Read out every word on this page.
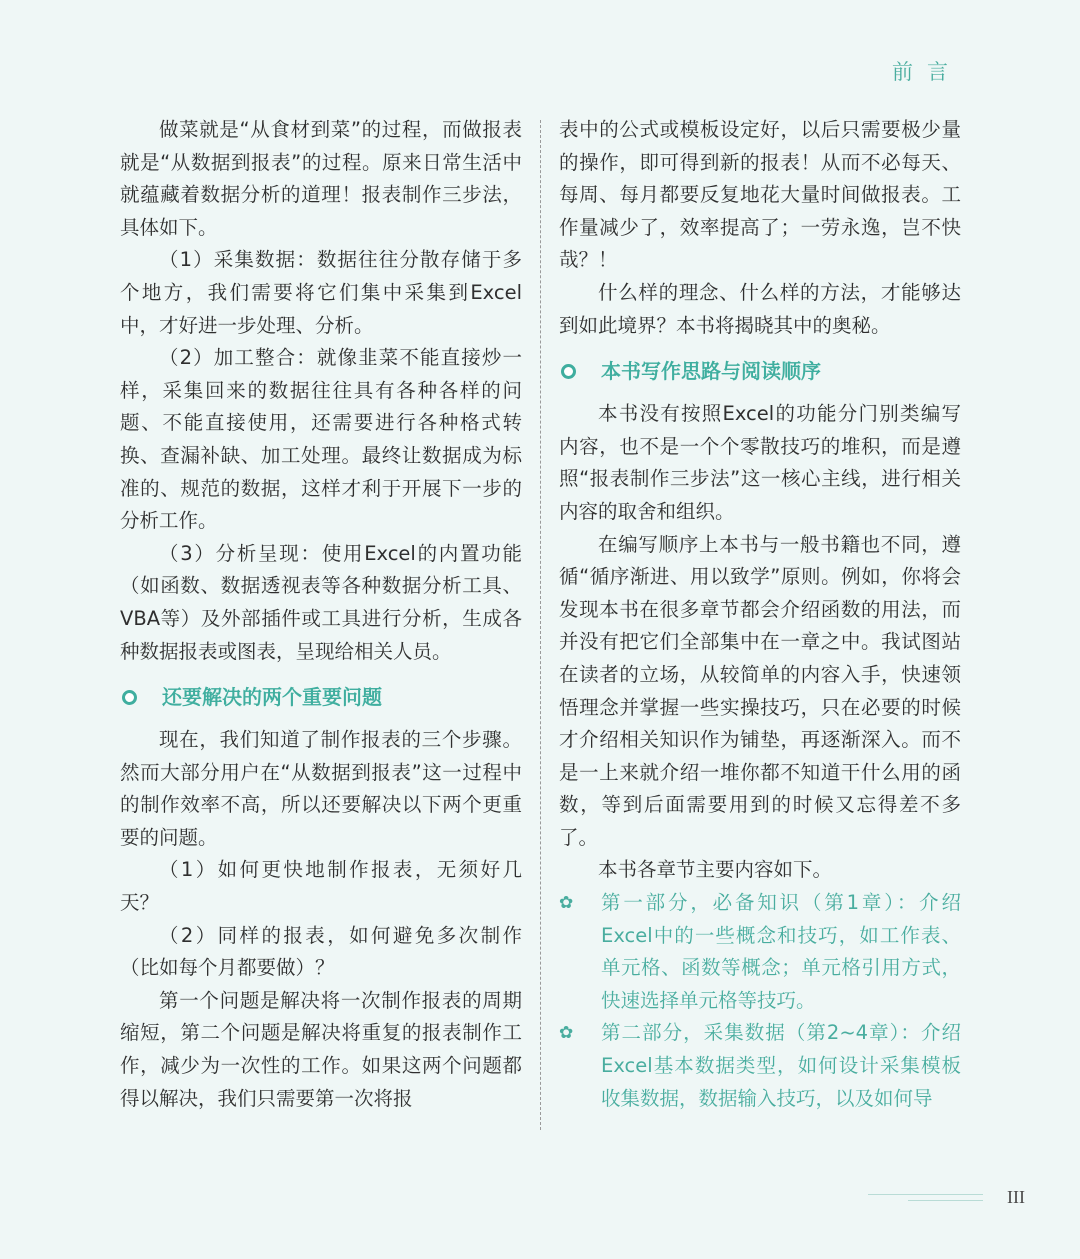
前言

做菜就是“从食材到菜”的过程，而做报表就是“从数据到报表”的过程。原来日常生活中就蕴藏着数据分析的道理！报表制作三步法，具体如下。

（1）采集数据：数据往往分散存储于多个地方，我们需要将它们集中采集到Excel中，才好进一步处理、分析。

（2）加工整合：就像韭菜不能直接炒一样，采集回来的数据往往具有各种各样的问题、不能直接使用，还需要进行各种格式转换、查漏补缺、加工处理。最终让数据成为标准的、规范的数据，这样才利于开展下一步的分析工作。

（3）分析呈现：使用Excel的内置功能（如函数、数据透视表等各种数据分析工具、VBA等）及外部插件或工具进行分析，生成各种数据报表或图表，呈现给相关人员。

还要解决的两个重要问题

现在，我们知道了制作报表的三个步骤。然而大部分用户在“从数据到报表”这一过程中的制作效率不高，所以还要解决以下两个更重要的问题。

（1）如何更快地制作报表，无须好几天？

（2）同样的报表，如何避免多次制作（比如每个月都要做）？

第一个问题是解决将一次制作报表的周期缩短，第二个问题是解决将重复的报表制作工作，减少为一次性的工作。如果这两个问题都得以解决，我们只需要第一次将报

表中的公式或模板设定好，以后只需要极少量的操作，即可得到新的报表！从而不必每天、每周、每月都要反复地花大量时间做报表。工作量减少了，效率提高了；一劳永逸，岂不快哉？！

什么样的理念、什么样的方法，才能够达到如此境界？本书将揭晓其中的奥秘。

本书写作思路与阅读顺序

本书没有按照Excel的功能分门别类编写内容，也不是一个个零散技巧的堆积，而是遵照“报表制作三步法”这一核心主线，进行相关内容的取舍和组织。

在编写顺序上本书与一般书籍也不同，遵循“循序渐进、用以致学”原则。例如，你将会发现本书在很多章节都会介绍函数的用法，而并没有把它们全部集中在一章之中。我试图站在读者的立场，从较简单的内容入手，快速领悟理念并掌握一些实操技巧，只在必要的时候才介绍相关知识作为铺垫，再逐渐深入。而不是一上来就介绍一堆你都不知道干什么用的函数，等到后面需要用到的时候又忘得差不多了。

本书各章节主要内容如下。

✿ 第一部分，必备知识（第1章）：介绍Excel中的一些概念和技巧，如工作表、单元格、函数等概念；单元格引用方式，快速选择单元格等技巧。
✿ 第二部分，采集数据（第2~4章）：介绍Excel基本数据类型，如何设计采集模板收集数据，数据输入技巧，以及如何导
III
